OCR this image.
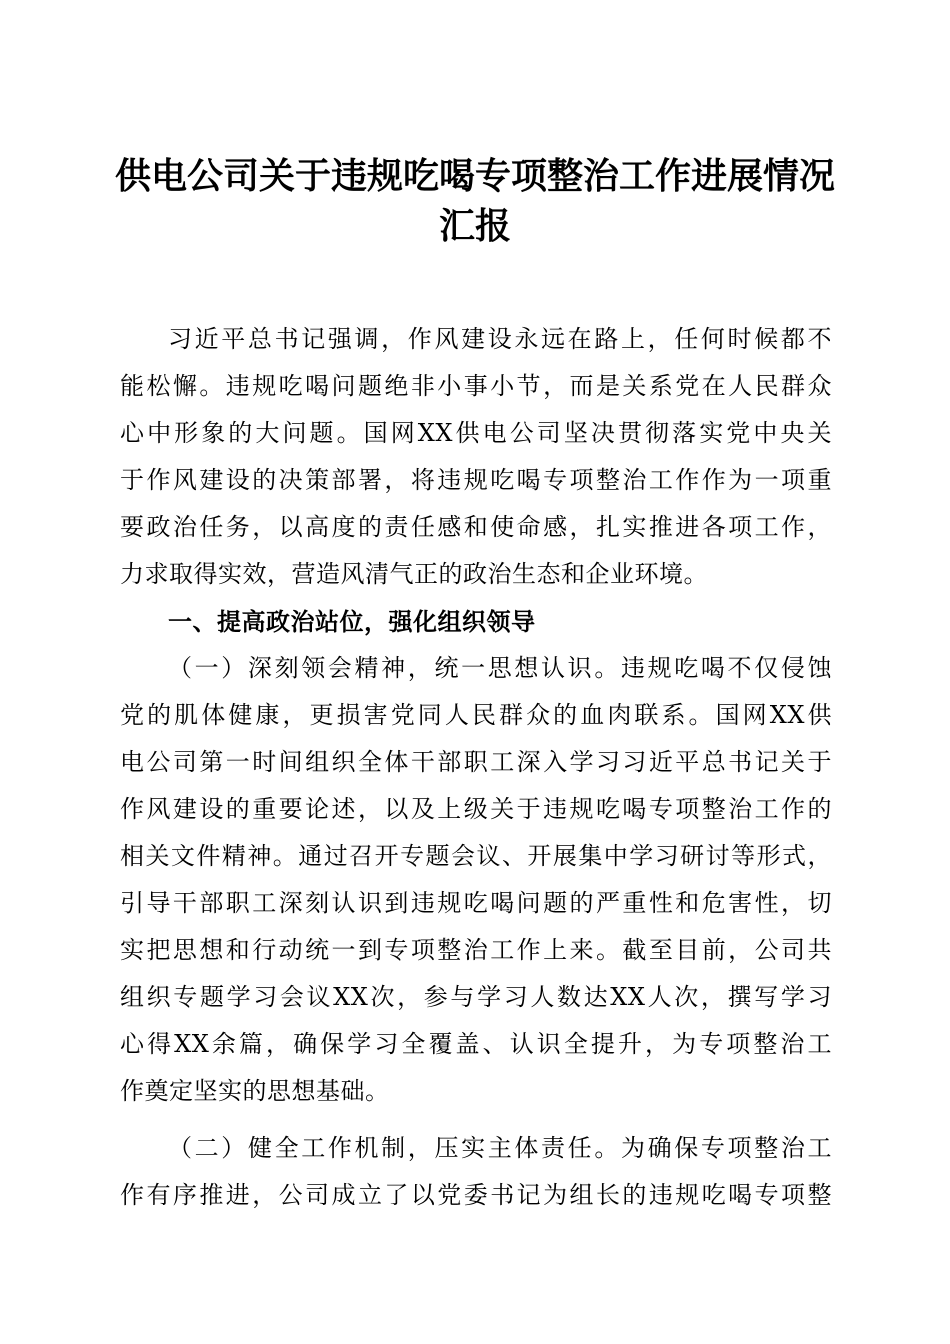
供电公司关于违规吃喝专项整治工作进展情况
汇报
习近平总书记强调，作风建设永远在路上，任何时候都不
能松懈。违规吃喝问题绝非小事小节，而是关系党在人民群众
心中形象的大问题。国网XX供电公司坚决贯彻落实党中央关
于作风建设的决策部署，将违规吃喝专项整治工作作为一项重
要政治任务，以高度的责任感和使命感，扎实推进各项工作，
力求取得实效，营造风清气正的政治生态和企业环境。
一、提高政治站位，强化组织领导
（一）深刻领会精神，统一思想认识。违规吃喝不仅侵蚀
党的肌体健康，更损害党同人民群众的血肉联系。国网XX供
电公司第一时间组织全体干部职工深入学习习近平总书记关于
作风建设的重要论述，以及上级关于违规吃喝专项整治工作的
相关文件精神。通过召开专题会议、开展集中学习研讨等形式，
引导干部职工深刻认识到违规吃喝问题的严重性和危害性，切
实把思想和行动统一到专项整治工作上来。截至目前，公司共
组织专题学习会议XX次，参与学习人数达XX人次，撰写学习
心得XX余篇，确保学习全覆盖、认识全提升，为专项整治工
作奠定坚实的思想基础。
（二）健全工作机制，压实主体责任。为确保专项整治工
作有序推进，公司成立了以党委书记为组长的违规吃喝专项整
